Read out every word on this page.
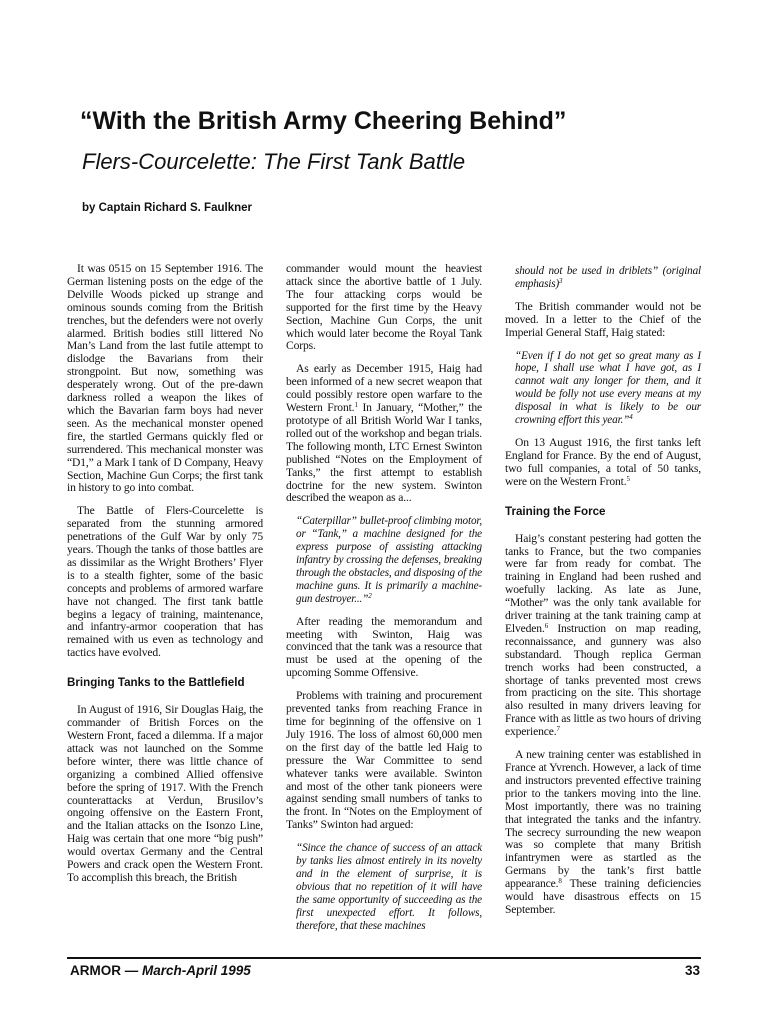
“With the British Army Cheering Behind”
Flers-Courcelette: The First Tank Battle

by Captain Richard S. Faulkner

It was 0515 on 15 September 1916. The German listening posts on the edge of the Delville Woods picked up strange and ominous sounds coming from the British trenches, but the defenders were not overly alarmed. British bodies still littered No Man’s Land from the last futile attempt to dislodge the Bavarians from their strongpoint. But now, something was desperately wrong. Out of the pre-dawn darkness rolled a weapon the likes of which the Bavarian farm boys had never seen. As the mechanical monster opened fire, the startled Germans quickly fled or surrendered. This mechanical monster was “D1,” a Mark I tank of D Company, Heavy Section, Machine Gun Corps; the first tank in history to go into combat.

The Battle of Flers-Courcelette is separated from the stunning armored penetrations of the Gulf War by only 75 years. Though the tanks of those battles are as dissimilar as the Wright Brothers’ Flyer is to a stealth fighter, some of the basic concepts and problems of armored warfare have not changed. The first tank battle begins a legacy of training, maintenance, and infantry-armor cooperation that has remained with us even as technology and tactics have evolved.

Bringing Tanks to the Battlefield

In August of 1916, Sir Douglas Haig, the commander of British Forces on the Western Front, faced a dilemma. If a major attack was not launched on the Somme before winter, there was little chance of organizing a combined Allied offensive before the spring of 1917. With the French counterattacks at Verdun, Brusilov’s ongoing offensive on the Eastern Front, and the Italian attacks on the Isonzo Line, Haig was certain that one more “big push” would overtax Germany and the Central Powers and crack open the Western Front. To accomplish this breach, the British

commander would mount the heaviest attack since the abortive battle of 1 July. The four attacking corps would be supported for the first time by the Heavy Section, Machine Gun Corps, the unit which would later become the Royal Tank Corps.

As early as December 1915, Haig had been informed of a new secret weapon that could possibly restore open warfare to the Western Front.$^1$ In January, “Mother,” the prototype of all British World War I tanks, rolled out of the workshop and began trials. The following month, LTC Ernest Swinton published “Notes on the Employment of Tanks,” the first attempt to establish doctrine for the new system. Swinton described the weapon as a...

“Caterpillar” bullet-proof climbing motor, or “Tank,” a machine designed for the express purpose of assisting attacking infantry by crossing the defenses, breaking through the obstacles, and disposing of the machine guns. It is primarily a machine-gun destroyer...”$^2$

After reading the memorandum and meeting with Swinton, Haig was convinced that the tank was a resource that must be used at the opening of the upcoming Somme Offensive.

Problems with training and procurement prevented tanks from reaching France in time for beginning of the offensive on 1 July 1916. The loss of almost 60,000 men on the first day of the battle led Haig to pressure the War Committee to send whatever tanks were available. Swinton and most of the other tank pioneers were against sending small numbers of tanks to the front. In “Notes on the Employment of Tanks” Swinton had argued:

“Since the chance of success of an attack by tanks lies almost entirely in its novelty and in the element of surprise, it is obvious that no repetition of it will have the same opportunity of succeeding as the first unexpected effort. It follows, therefore, that these machines

should not be used in driblets” (original emphasis)$^3$

The British commander would not be moved. In a letter to the Chief of the Imperial General Staff, Haig stated:

“Even if I do not get so great many as I hope, I shall use what I have got, as I cannot wait any longer for them, and it would be folly not use every means at my disposal in what is likely to be our crowning effort this year.”$^4$

On 13 August 1916, the first tanks left England for France. By the end of August, two full companies, a total of 50 tanks, were on the Western Front.$^5$

Training the Force

Haig’s constant pestering had gotten the tanks to France, but the two companies were far from ready for combat. The training in England had been rushed and woefully lacking. As late as June, “Mother” was the only tank available for driver training at the tank training camp at Elveden.$^6$ Instruction on map reading, reconnaissance, and gunnery was also substandard. Though replica German trench works had been constructed, a shortage of tanks prevented most crews from practicing on the site. This shortage also resulted in many drivers leaving for France with as little as two hours of driving experience.$^7$

A new training center was established in France at Yvrench. However, a lack of time and instructors prevented effective training prior to the tankers moving into the line. Most importantly, there was no training that integrated the tanks and the infantry. The secrecy surrounding the new weapon was so complete that many British infantrymen were as startled as the Germans by the tank’s first battle appearance.$^8$ These training deficiencies would have disastrous effects on 15 September.

ARMOR — March-April 1995	33
